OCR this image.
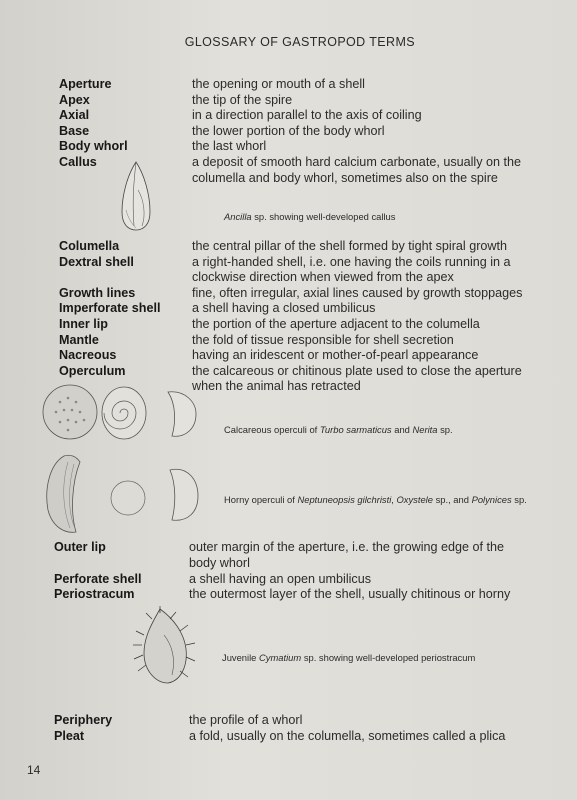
GLOSSARY OF GASTROPOD TERMS
Aperture	the opening or mouth of a shell
Apex	the tip of the spire
Axial	in a direction parallel to the axis of coiling
Base	the lower portion of the body whorl
Body whorl	the last whorl
Callus	a deposit of smooth hard calcium carbonate, usually on the
columella and body whorl, sometimes also on the spire
Columella	the central pillar of the shell formed by tight spiral growth
Dextral shell	a right-handed shell, i.e. one having the coils running in a
clockwise direction when viewed from the apex
Growth lines	fine, often irregular, axial lines caused by growth stoppages
Imperforate shell	a shell having a closed umbilicus
Inner lip	the portion of the aperture adjacent to the columella
Mantle	the fold of tissue responsible for shell secretion
Nacreous	having an iridescent or mother-of-pearl appearance
Operculum	the calcareous or chitinous plate used to close the aperture
when the animal has retracted
Outer lip	outer margin of the aperture, i.e. the growing edge of the
body whorl
Perforate shell	a shell having an open umbilicus
Periostracum	the outermost layer of the shell, usually chitinous or horny
Periphery	the profile of a whorl
Pleat	a fold, usually on the columella, sometimes called a plica
Ancilla sp. showing well-developed callus
Calcareous operculi of Turbo sarmaticus and Nerita sp.
Horny operculi of Neptuneopsis gilchristi, Oxystele sp., and Polynices sp.
Juvenile Cymatium sp. showing well-developed periostracum
14
